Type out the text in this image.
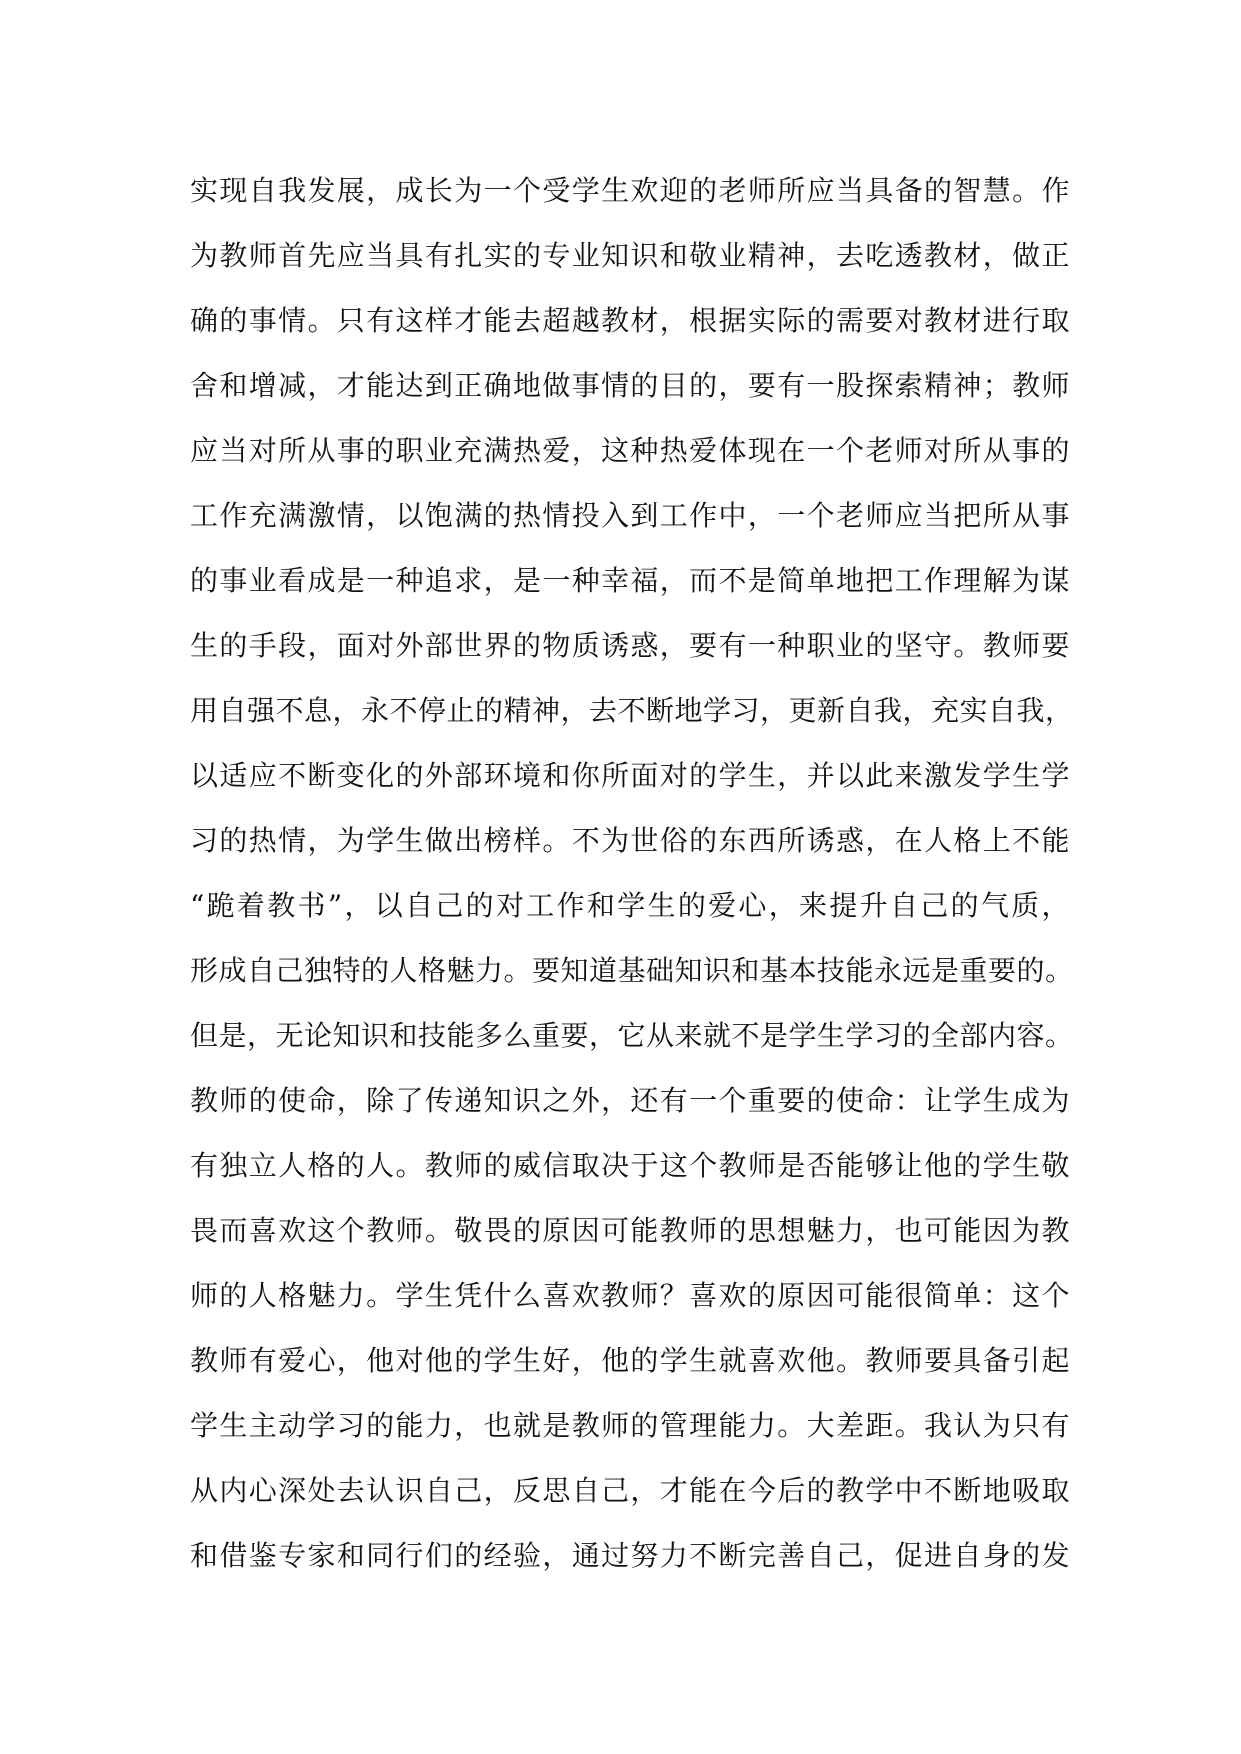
实现自我发展，成长为一个受学生欢迎的老师所应当具备的智慧。作
为教师首先应当具有扎实的专业知识和敬业精神，去吃透教材，做正
确的事情。只有这样才能去超越教材，根据实际的需要对教材进行取
舍和增减，才能达到正确地做事情的目的，要有一股探索精神；教师
应当对所从事的职业充满热爱，这种热爱体现在一个老师对所从事的
工作充满激情，以饱满的热情投入到工作中，一个老师应当把所从事
的事业看成是一种追求，是一种幸福，而不是简单地把工作理解为谋
生的手段，面对外部世界的物质诱惑，要有一种职业的坚守。教师要
用自强不息，永不停止的精神，去不断地学习，更新自我，充实自我，
以适应不断变化的外部环境和你所面对的学生，并以此来激发学生学
习的热情，为学生做出榜样。不为世俗的东西所诱惑，在人格上不能
“跪着教书”，以自己的对工作和学生的爱心，来提升自己的气质，
形成自己独特的人格魅力。要知道基础知识和基本技能永远是重要的。
但是，无论知识和技能多么重要，它从来就不是学生学习的全部内容。
教师的使命，除了传递知识之外，还有一个重要的使命：让学生成为
有独立人格的人。教师的威信取决于这个教师是否能够让他的学生敬
畏而喜欢这个教师。敬畏的原因可能教师的思想魅力，也可能因为教
师的人格魅力。学生凭什么喜欢教师？喜欢的原因可能很简单：这个
教师有爱心，他对他的学生好，他的学生就喜欢他。教师要具备引起
学生主动学习的能力，也就是教师的管理能力。大差距。我认为只有
从内心深处去认识自己，反思自己，才能在今后的教学中不断地吸取
和借鉴专家和同行们的经验，通过努力不断完善自己，促进自身的发
